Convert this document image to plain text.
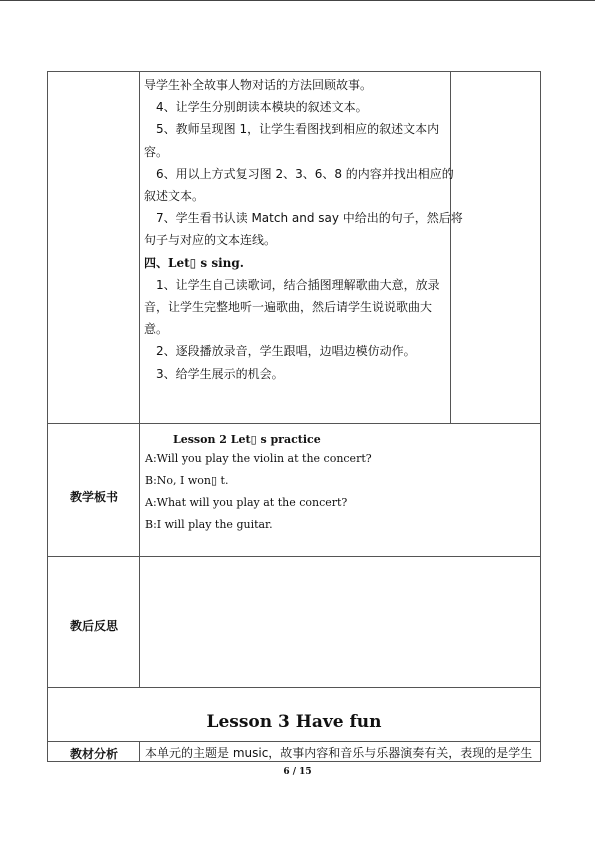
导学生补全故事人物对话的方法回顾故事。

4、让学生分别朗读本模块的叙述文本。

5、教师呈现图 1，让学生看图找到相应的叙述文本内

容。

6、用以上方式复习图 2、3、6、8 的内容并找出相应的

叙述文本。

7、学生看书认读 Match and say 中给出的句子，然后将

句子与对应的文本连线。

四、Let▯ s sing.

1、让学生自己读歌词，结合插图理解歌曲大意，放录

音，让学生完整地听一遍歌曲，然后请学生说说歌曲大

意。

2、逐段播放录音，学生跟唱，边唱边模仿动作。

3、给学生展示的机会。

教学板书

Lesson 2 Let▯ s practice

A:Will you play the violin at the concert?

B:No, I won▯ t.

A:What will you play at the concert?

B:I will play the guitar.

教后反思
Lesson 3 Have fun
教材分析	本单元的主题是 music，故事内容和音乐与乐器演奏有关，表现的是学生
6 / 15
